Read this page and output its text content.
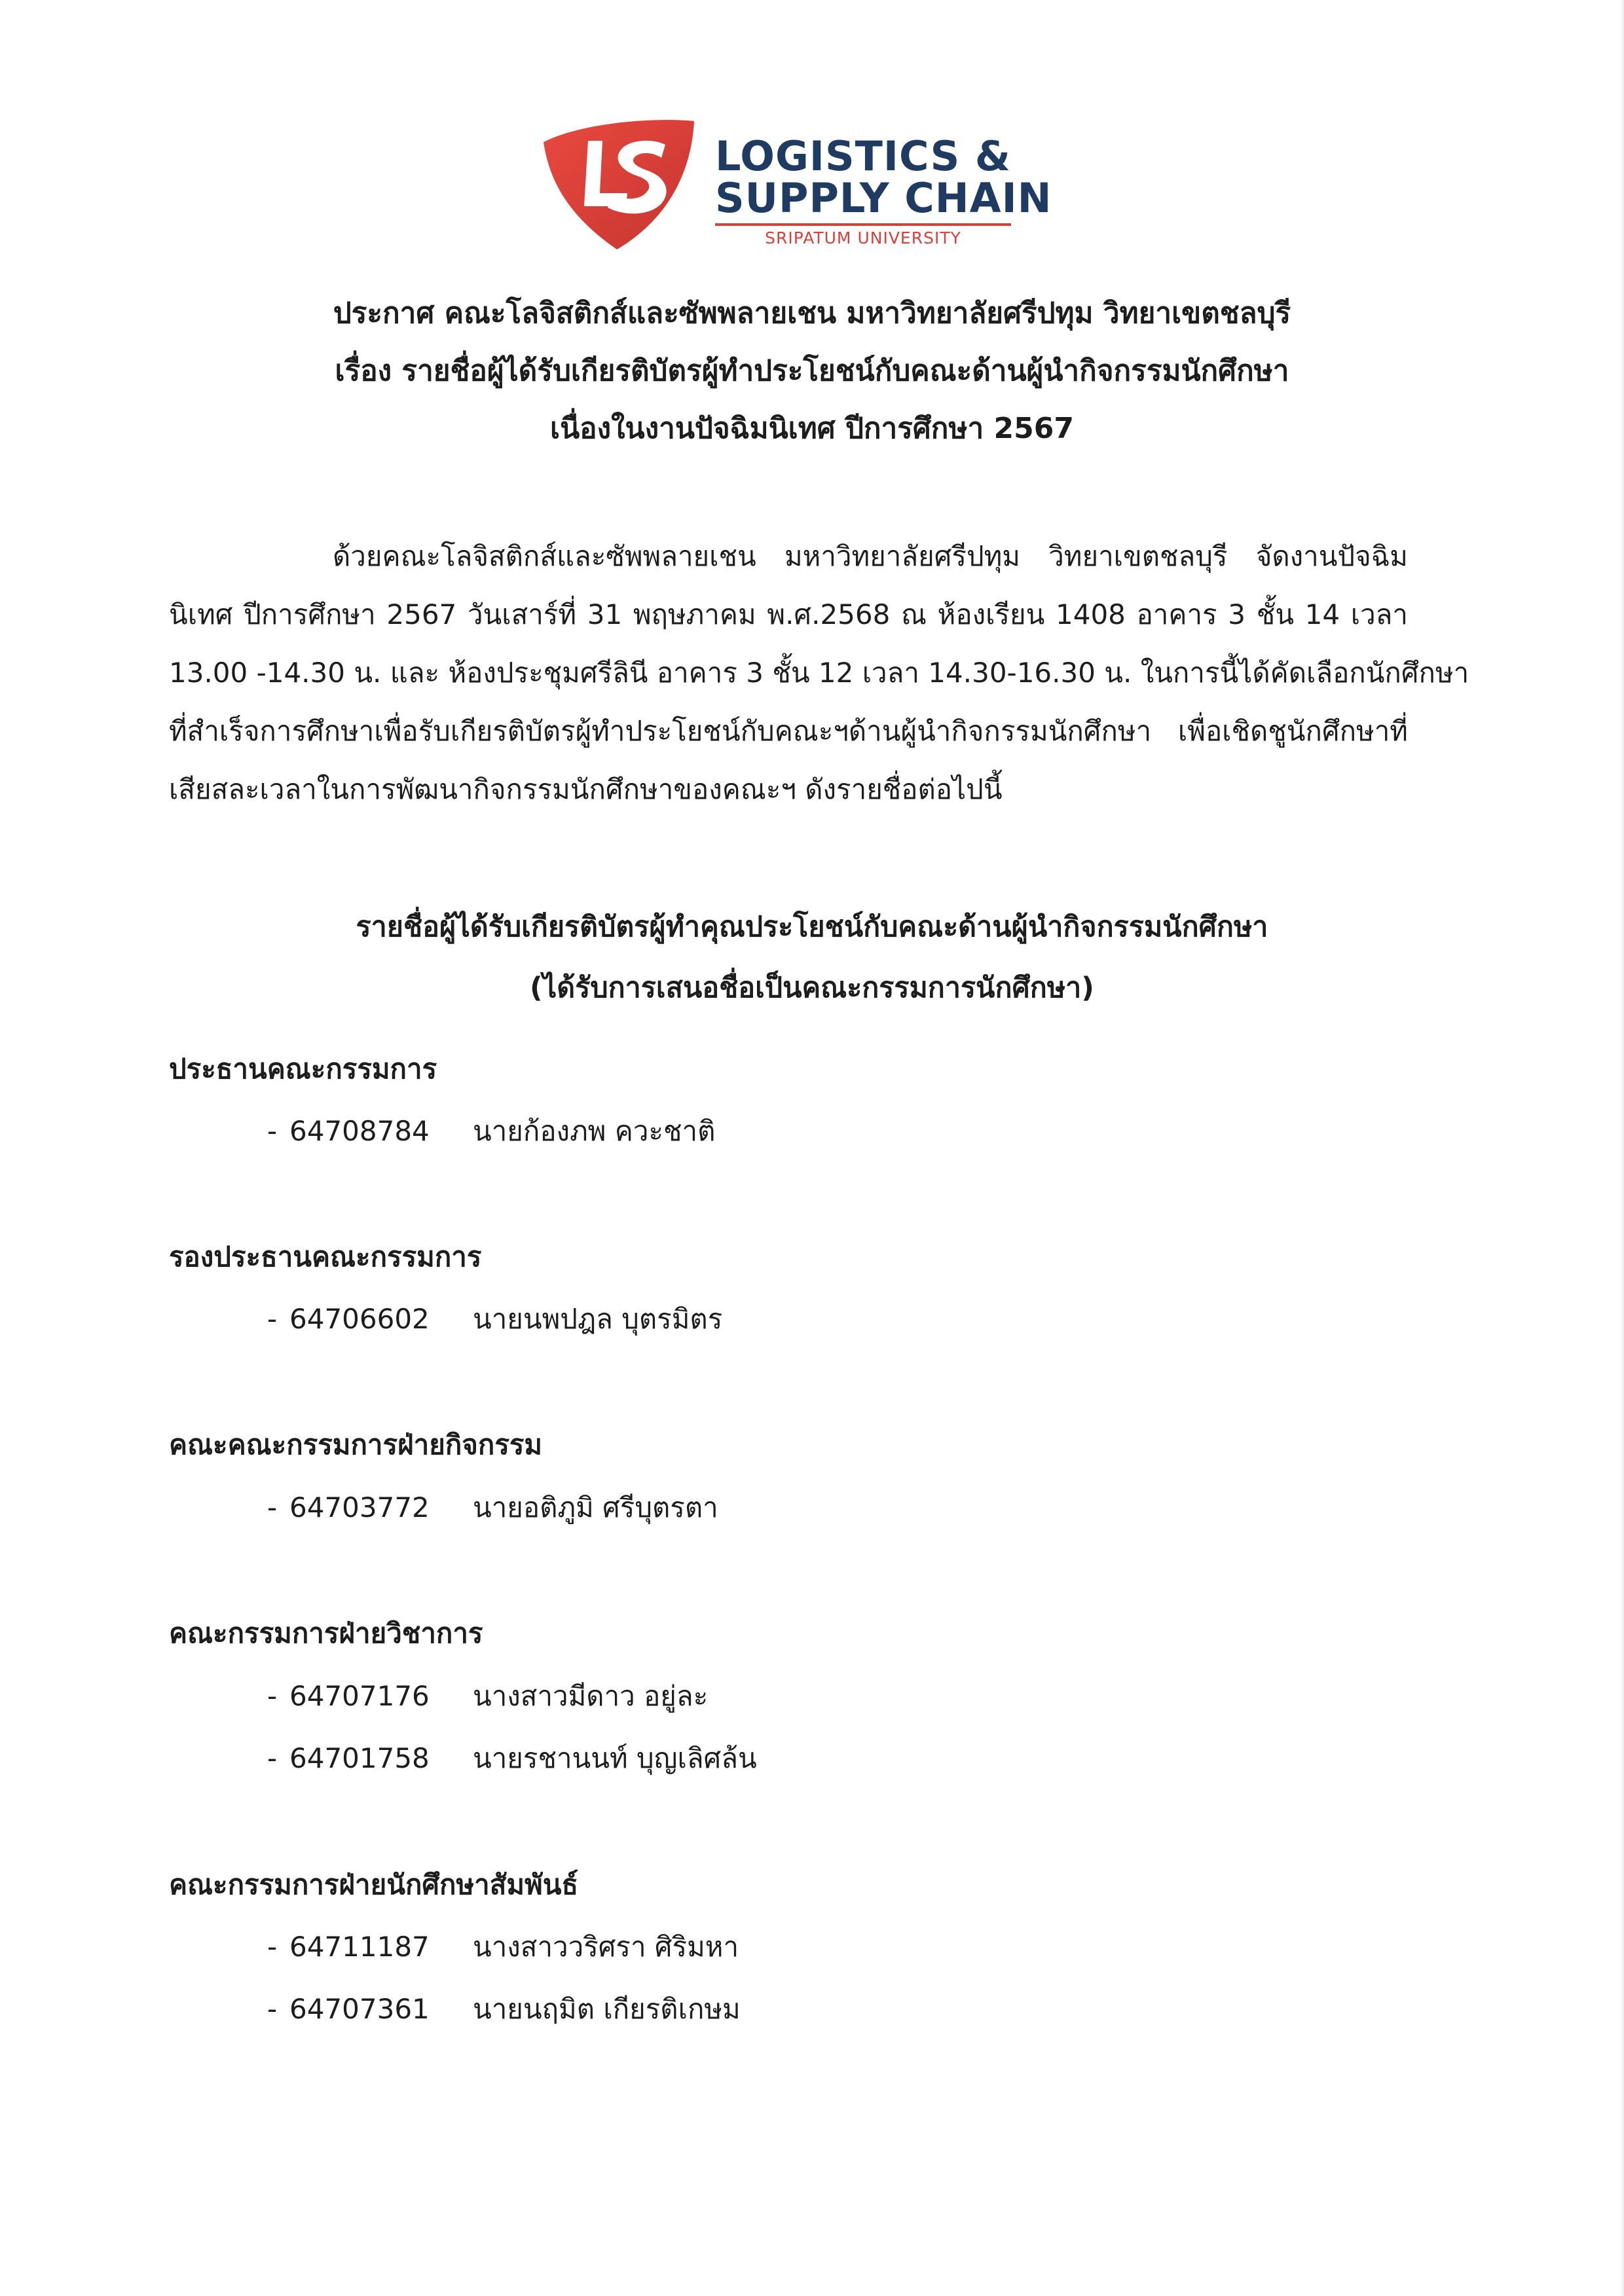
LOGISTICS &
SUPPLY CHAIN
SRIPATUM UNIVERSITY
ประกาศ คณะโลจิสติกส์และซัพพลายเชน มหาวิทยาลัยศรีปทุม วิทยาเขตชลบุรี
เรื่อง รายชื่อผู้ได้รับเกียรติบัตรผู้ทำประโยชน์กับคณะด้านผู้นำกิจกรรมนักศึกษา
เนื่องในงานปัจฉิมนิเทศ ปีการศึกษา 2567
ด้วยคณะโลจิสติกส์และซัพพลายเชน มหาวิทยาลัยศรีปทุม วิทยาเขตชลบุรี จัดงานปัจฉิม
นิเทศ ปีการศึกษา 2567 วันเสาร์ที่ 31 พฤษภาคม พ.ศ.2568 ณ ห้องเรียน 1408 อาคาร 3 ชั้น 14 เวลา
13.00 -14.30 น. และ ห้องประชุมศรีลินี อาคาร 3 ชั้น 12 เวลา 14.30-16.30 น. ในการนี้ได้คัดเลือกนักศึกษา
ที่สำเร็จการศึกษาเพื่อรับเกียรติบัตรผู้ทำประโยชน์กับคณะฯด้านผู้นำกิจกรรมนักศึกษา เพื่อเชิดชูนักศึกษาที่
เสียสละเวลาในการพัฒนากิจกรรมนักศึกษาของคณะฯ ดังรายชื่อต่อไปนี้
รายชื่อผู้ได้รับเกียรติบัตรผู้ทำคุณประโยชน์กับคณะด้านผู้นำกิจกรรมนักศึกษา
(ได้รับการเสนอชื่อเป็นคณะกรรมการนักศึกษา)
ประธานคณะกรรมการ
- 64708784 นายก้องภพ ควะชาติ
รองประธานคณะกรรมการ
- 64706602 นายนพปฎล บุตรมิตร
คณะคณะกรรมการฝ่ายกิจกรรม
- 64703772 นายอติภูมิ ศรีบุตรตา
คณะกรรมการฝ่ายวิชาการ
- 64707176 นางสาวมีดาว อยู่ละ
- 64701758 นายรชานนท์ บุญเลิศล้น
คณะกรรมการฝ่ายนักศึกษาสัมพันธ์
- 64711187 นางสาววริศรา ศิริมหา
- 64707361 นายนฤมิต เกียรติเกษม
